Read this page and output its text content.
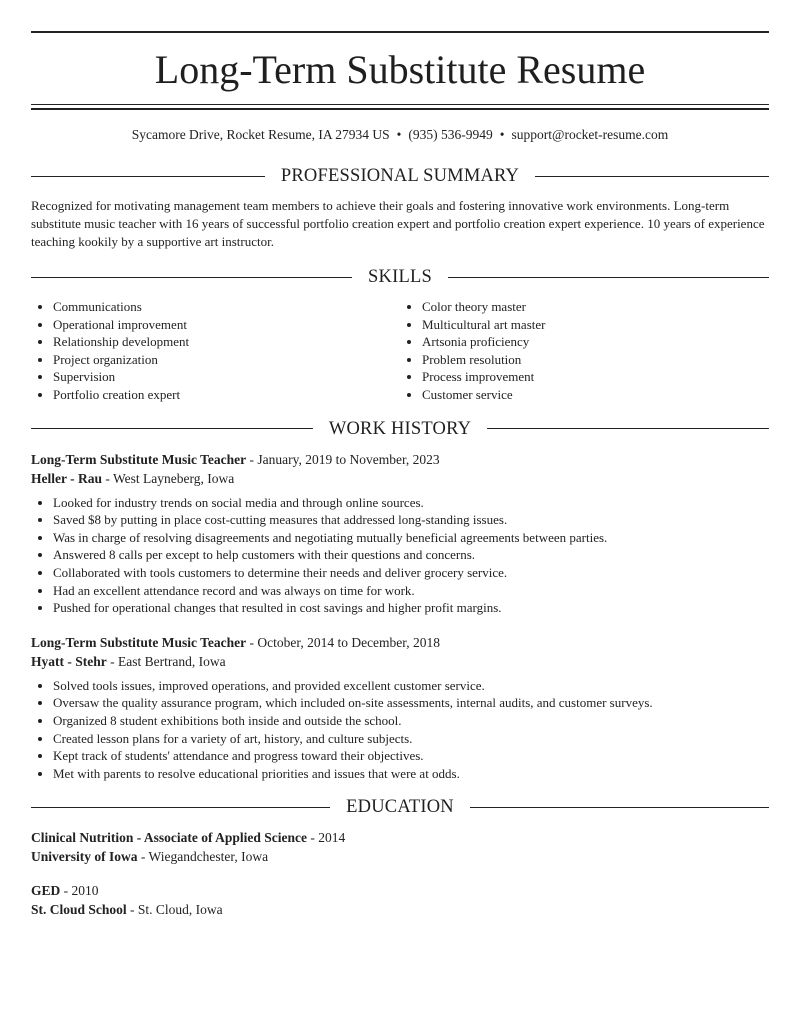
Long-Term Substitute Resume
Sycamore Drive, Rocket Resume, IA 27934 US • (935) 536-9949 • support@rocket-resume.com
PROFESSIONAL SUMMARY
Recognized for motivating management team members to achieve their goals and fostering innovative work environments. Long-term substitute music teacher with 16 years of successful portfolio creation expert and portfolio creation expert experience. 10 years of experience teaching kookily by a supportive art instructor.
SKILLS
• Communications
• Operational improvement
• Relationship development
• Project organization
• Supervision
• Portfolio creation expert
• Color theory master
• Multicultural art master
• Artsonia proficiency
• Problem resolution
• Process improvement
• Customer service
WORK HISTORY
Long-Term Substitute Music Teacher - January, 2019 to November, 2023
Heller - Rau - West Layneberg, Iowa
• Looked for industry trends on social media and through online sources.
• Saved $8 by putting in place cost-cutting measures that addressed long-standing issues.
• Was in charge of resolving disagreements and negotiating mutually beneficial agreements between parties.
• Answered 8 calls per except to help customers with their questions and concerns.
• Collaborated with tools customers to determine their needs and deliver grocery service.
• Had an excellent attendance record and was always on time for work.
• Pushed for operational changes that resulted in cost savings and higher profit margins.
Long-Term Substitute Music Teacher - October, 2014 to December, 2018
Hyatt - Stehr - East Bertrand, Iowa
• Solved tools issues, improved operations, and provided excellent customer service.
• Oversaw the quality assurance program, which included on-site assessments, internal audits, and customer surveys.
• Organized 8 student exhibitions both inside and outside the school.
• Created lesson plans for a variety of art, history, and culture subjects.
• Kept track of students' attendance and progress toward their objectives.
• Met with parents to resolve educational priorities and issues that were at odds.
EDUCATION
Clinical Nutrition - Associate of Applied Science - 2014
University of Iowa - Wiegandchester, Iowa
GED - 2010
St. Cloud School - St. Cloud, Iowa
